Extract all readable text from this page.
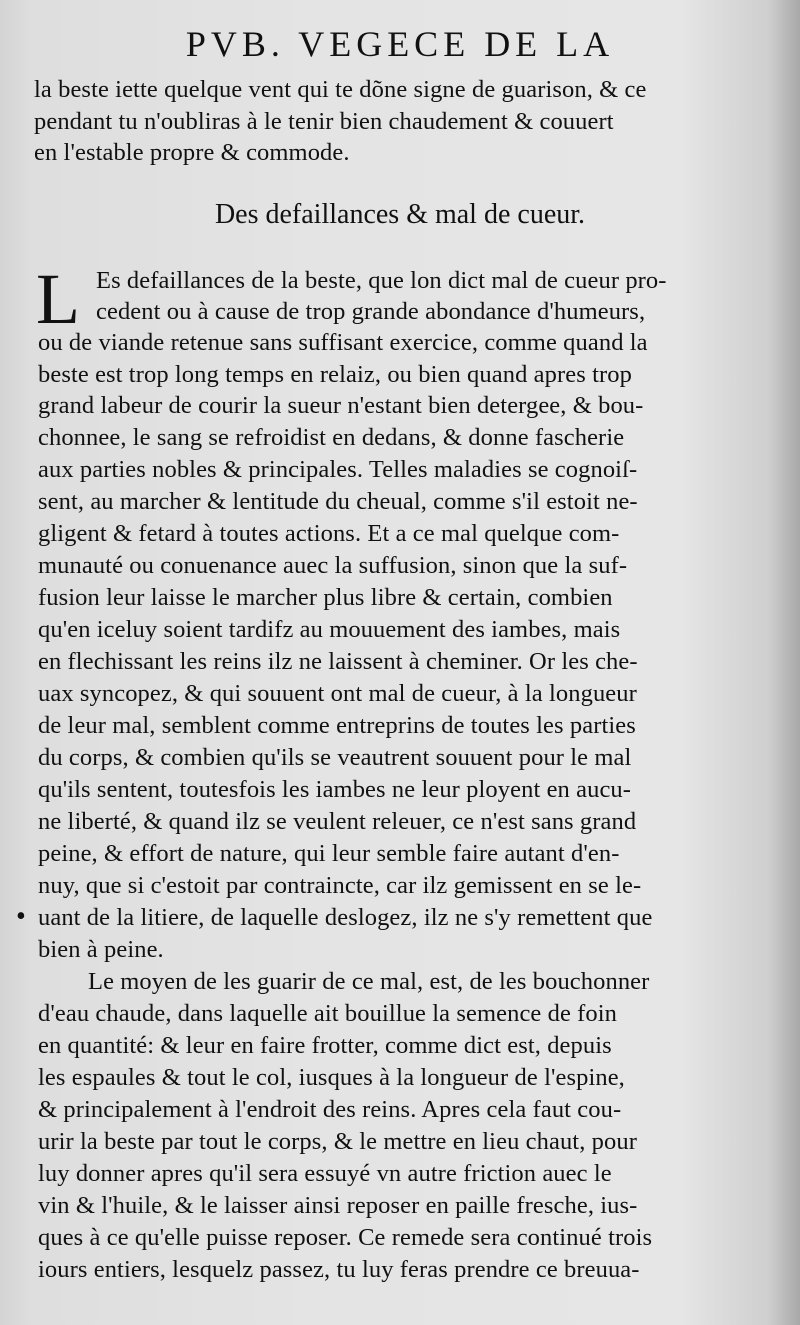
PVB. VEGECE DE LA
la beste iette quelque vent qui te dõne signe de guarison, & ce
pendant tu n'oubliras à le tenir bien chaudement & couuert
en l'estable propre & commode.
Des defaillances & mal de cueur.
L Es defaillances de la beste, que lon dict mal de cueur pro-
cedent ou à cause de trop grande abondance d'humeurs,
ou de viande retenue sans suffisant exercice, comme quand la
beste est trop long temps en relaiz, ou bien quand apres trop
grand labeur de courir la sueur n'estant bien detergee, & bou-
chonnee, le sang se refroidist en dedans, & donne fascherie
aux parties nobles & principales. Telles maladies se cognoiſ-
sent, au marcher & lentitude du cheual, comme s'il estoit ne-
gligent & fetard à toutes actions. Et a ce mal quelque com-
munauté ou conuenance auec la suffusion, sinon que la suf-
fusion leur laisse le marcher plus libre & certain, combien
qu'en iceluy soient tardifz au mouuement des iambes, mais
en flechissant les reins ilz ne laissent à cheminer. Or les che-
uax syncopez, & qui souuent ont mal de cueur, à la longueur
de leur mal, semblent comme entreprins de toutes les parties
du corps, & combien qu'ils se veautrent souuent pour le mal
qu'ils sentent, toutesfois les iambes ne leur ployent en aucu-
ne liberté, & quand ilz se veulent releuer, ce n'est sans grand
peine, & effort de nature, qui leur semble faire autant d'en-
nuy, que si c'estoit par contraincte, car ilz gemissent en se le-
• uant de la litiere, de laquelle deslogez, ilz ne s'y remettent que
bien à peine.
Le moyen de les guarir de ce mal, est, de les bouchonner
d'eau chaude, dans laquelle ait bouillue la semence de foin
en quantité: & leur en faire frotter, comme dict est, depuis
les espaules & tout le col, iusques à la longueur de l'espine,
& principalement à l'endroit des reins. Apres cela faut cou-
urir la beste par tout le corps, & le mettre en lieu chaut, pour
luy donner apres qu'il sera essuyé vn autre friction auec le
vin & l'huile, & le laisser ainsi reposer en paille fresche, ius-
ques à ce qu'elle puisse reposer. Ce remede sera continué trois
iours entiers, lesquelz passez, tu luy feras prendre ce breuua-
